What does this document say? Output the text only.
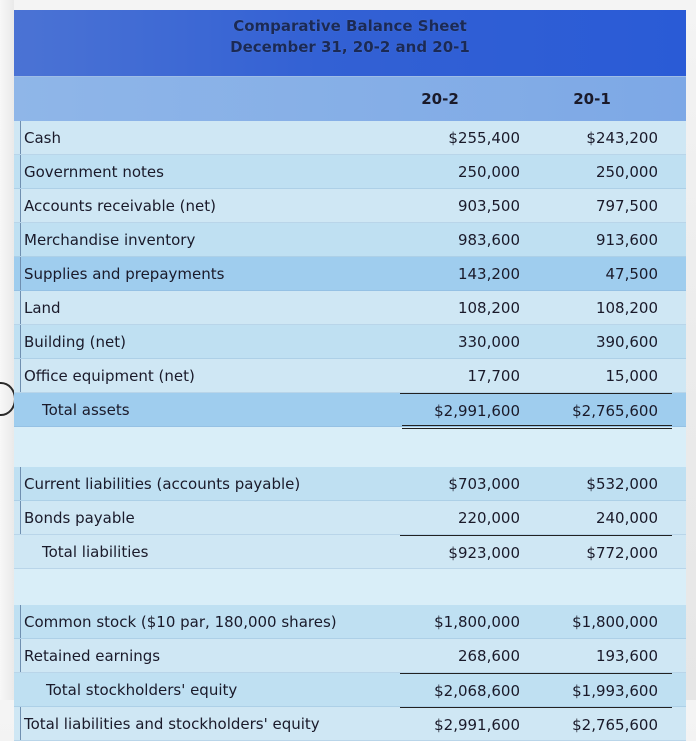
Comparative Balance Sheet
December 31, 20-2 and 20-1
20-2	20-1
Cash	$255,400	$243,200
Government notes	250,000	250,000
Accounts receivable (net)	903,500	797,500
Merchandise inventory	983,600	913,600
Supplies and prepayments	143,200	47,500
Land	108,200	108,200
Building (net)	330,000	390,600
Office equipment (net)	17,700	15,000
Total assets	$2,991,600	$2,765,600
Current liabilities (accounts payable)	$703,000	$532,000
Bonds payable	220,000	240,000
Total liabilities	$923,000	$772,000
Common stock ($10 par, 180,000 shares)	$1,800,000	$1,800,000
Retained earnings	268,600	193,600
Total stockholders' equity	$2,068,600	$1,993,600
Total liabilities and stockholders' equity	$2,991,600	$2,765,600
